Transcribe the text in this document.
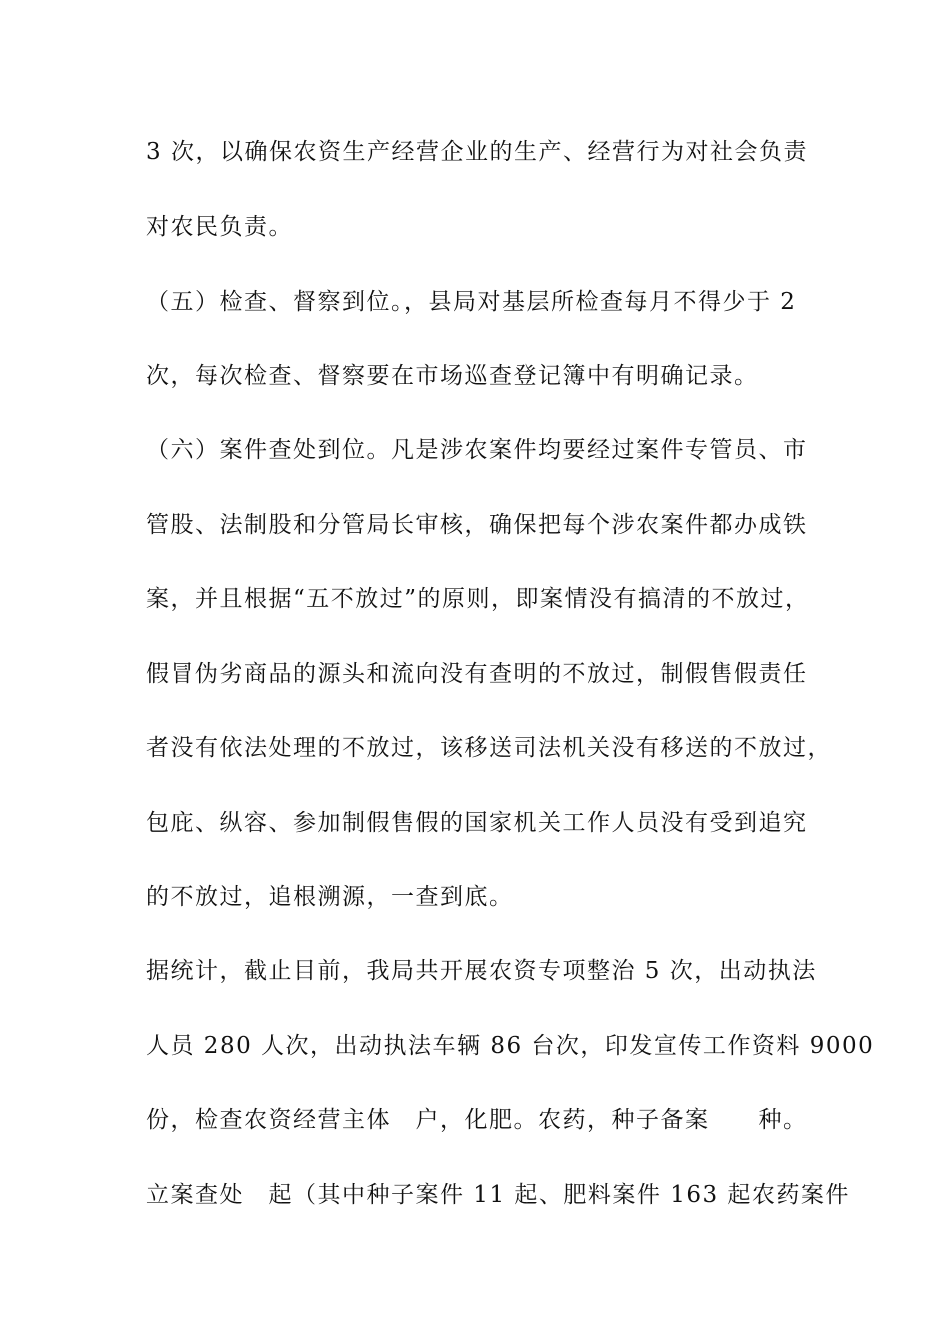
3 次，以确保农资生产经营企业的生产、经营行为对社会负责
对农民负责。
（五）检查、督察到位。，县局对基层所检查每月不得少于 2
次，每次检查、督察要在市场巡查登记簿中有明确记录。
（六）案件查处到位。凡是涉农案件均要经过案件专管员、市
管股、法制股和分管局长审核，确保把每个涉农案件都办成铁
案，并且根据“五不放过”的原则，即案情没有搞清的不放过，
假冒伪劣商品的源头和流向没有查明的不放过，制假售假责任
者没有依法处理的不放过，该移送司法机关没有移送的不放过，
包庇、纵容、参加制假售假的国家机关工作人员没有受到追究
的不放过，追根溯源，一查到底。
据统计，截止目前，我局共开展农资专项整治 5 次，出动执法
人员 280 人次，出动执法车辆 86 台次，印发宣传工作资料 9000
份，检查农资经营主体　户，化肥。农药，种子备案　　种。
立案查处　起（其中种子案件 11 起、肥料案件 163 起农药案件
